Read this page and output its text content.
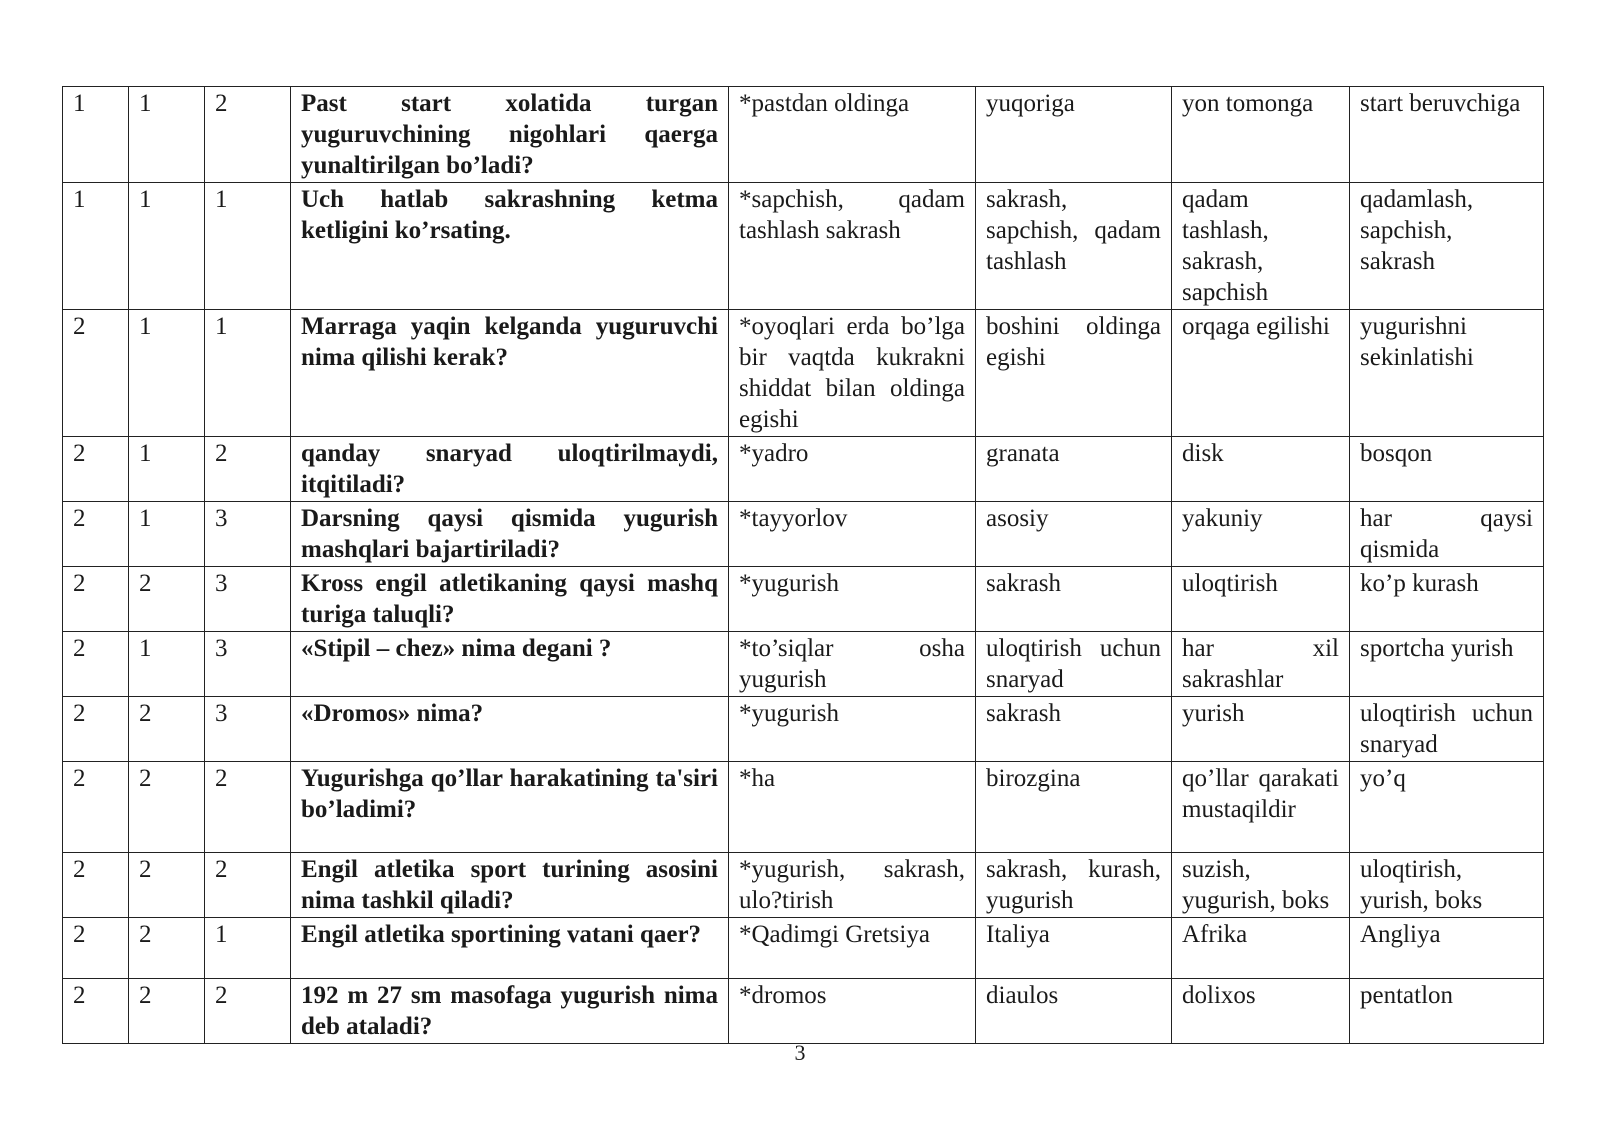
1	1	2	Past start xolatida turgan yuguruvchining nigohlari qaerga yunaltirilgan bo’ladi?	*pastdan oldinga	yuqoriga	yon tomonga	start beruvchiga
1	1	1	Uch hatlab sakrashning ketma ketligini ko’rsating.	*sapchish, qadam tashlash sakrash	sakrash, sapchish, qadam tashlash	qadam tashlash, sakrash, sapchish	qadamlash, sapchish, sakrash
2	1	1	Marraga yaqin kelganda yuguruvchi nima qilishi kerak?	*oyoqlari erda bo’lga bir vaqtda kukrakni shiddat bilan oldinga egishi	boshini oldinga egishi	orqaga egilishi	yugurishni sekinlatishi
2	1	2	qanday snaryad uloqtirilmaydi, itqitiladi?	*yadro	granata	disk	bosqon
2	1	3	Darsning qaysi qismida yugurish mashqlari bajartiriladi?	*tayyorlov	asosiy	yakuniy	har qaysi qismida
2	2	3	Kross engil atletikaning qaysi mashq turiga taluqli?	*yugurish	sakrash	uloqtirish	ko’p kurash
2	1	3	«Stipil – chez» nima degani ?	*to’siqlar osha yugurish	uloqtirish uchun snaryad	har xil sakrashlar	sportcha yurish
2	2	3	«Dromos» nima?	*yugurish	sakrash	yurish	uloqtirish uchun snaryad
2	2	2	Yugurishga qo’llar harakatining ta'siri bo’ladimi?	*ha	birozgina	qo’llar qarakati mustaqildir	yo’q
2	2	2	Engil atletika sport turining asosini nima tashkil qiladi?	*yugurish, sakrash, ulo?tirish	sakrash, kurash, yugurish	suzish, yugurish, boks	uloqtirish, yurish, boks
2	2	1	Engil atletika sportining vatani qaer?	*Qadimgi Gretsiya	Italiya	Afrika	Angliya
2	2	2	192 m 27 sm masofaga yugurish nima deb ataladi?	*dromos	diaulos	dolixos	pentatlon
3
